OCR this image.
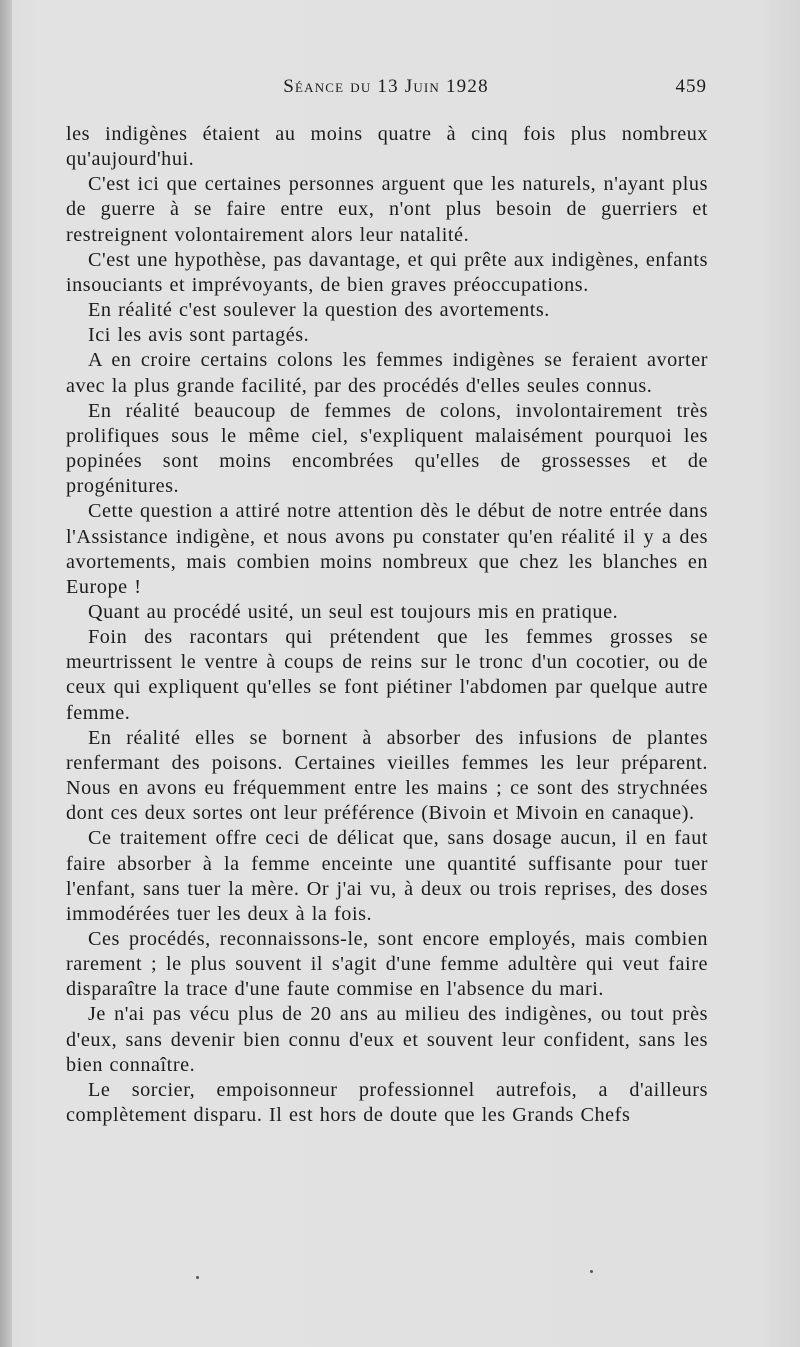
Séance du 13 Juin 1928	459

les indigènes étaient au moins quatre à cinq fois plus nombreux qu'aujourd'hui.

C'est ici que certaines personnes arguent que les naturels, n'ayant plus de guerre à se faire entre eux, n'ont plus besoin de guerriers et restreignent volontairement alors leur natalité.

C'est une hypothèse, pas davantage, et qui prête aux indigènes, enfants insouciants et imprévoyants, de bien graves préoccupations.

En réalité c'est soulever la question des avortements.

Ici les avis sont partagés.

A en croire certains colons les femmes indigènes se feraient avorter avec la plus grande facilité, par des procédés d'elles seules connus.

En réalité beaucoup de femmes de colons, involontairement très prolifiques sous le même ciel, s'expliquent malaisément pourquoi les popinées sont moins encombrées qu'elles de grossesses et de progénitures.

Cette question a attiré notre attention dès le début de notre entrée dans l'Assistance indigène, et nous avons pu constater qu'en réalité il y a des avortements, mais combien moins nombreux que chez les blanches en Europe !

Quant au procédé usité, un seul est toujours mis en pratique.

Foin des racontars qui prétendent que les femmes grosses se meurtrissent le ventre à coups de reins sur le tronc d'un cocotier, ou de ceux qui expliquent qu'elles se font piétiner l'abdomen par quelque autre femme.

En réalité elles se bornent à absorber des infusions de plantes renfermant des poisons. Certaines vieilles femmes les leur préparent. Nous en avons eu fréquemment entre les mains ; ce sont des strychnées dont ces deux sortes ont leur préférence (Bivoin et Mivoin en canaque).

Ce traitement offre ceci de délicat que, sans dosage aucun, il en faut faire absorber à la femme enceinte une quantité suffisante pour tuer l'enfant, sans tuer la mère. Or j'ai vu, à deux ou trois reprises, des doses immodérées tuer les deux à la fois.

Ces procédés, reconnaissons-le, sont encore employés, mais combien rarement ; le plus souvent il s'agit d'une femme adultère qui veut faire disparaître la trace d'une faute commise en l'absence du mari.

Je n'ai pas vécu plus de 20 ans au milieu des indigènes, ou tout près d'eux, sans devenir bien connu d'eux et souvent leur confident, sans les bien connaître.

Le sorcier, empoisonneur professionnel autrefois, a d'ailleurs complètement disparu. Il est hors de doute que les Grands Chefs
